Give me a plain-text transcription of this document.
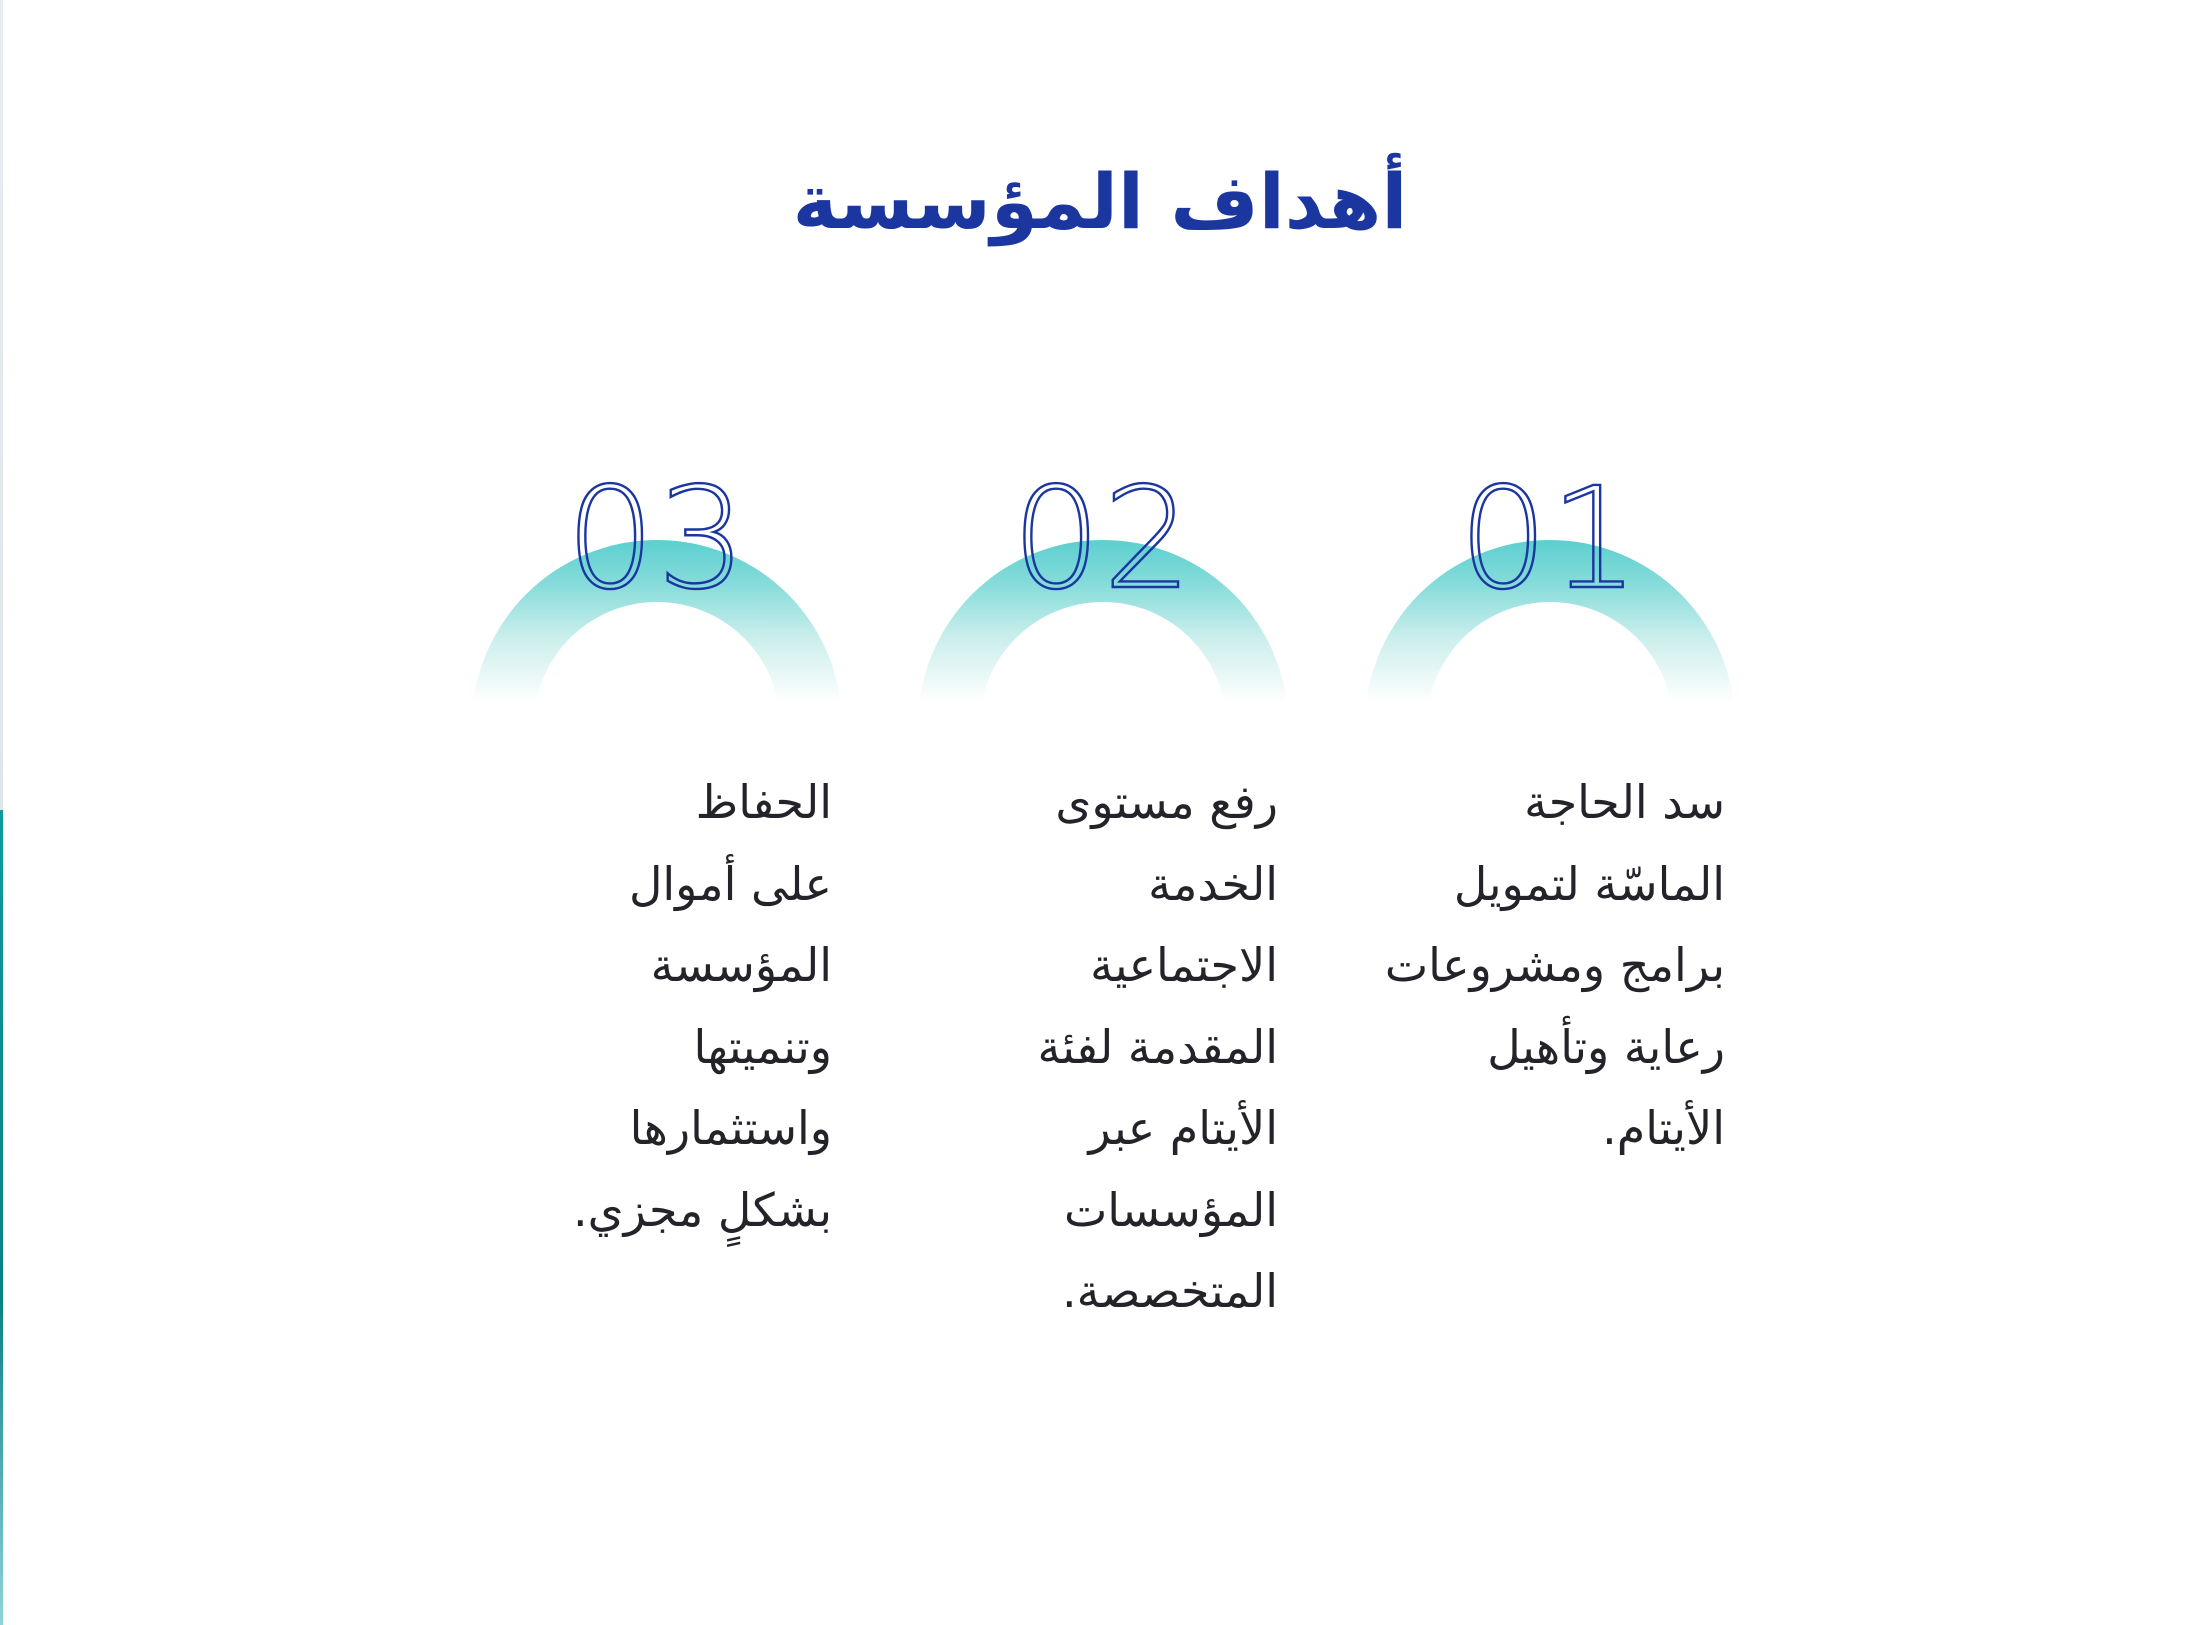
أهداف المؤسسة
01
سد الحاجة
الماسّة لتمويل
برامج ومشروعات
رعاية وتأهيل
الأيتام.
02
رفع مستوى
الخدمة
الاجتماعية
المقدمة لفئة
الأيتام عبر
المؤسسات
المتخصصة.
03
الحفاظ
على أموال
المؤسسة
وتنميتها
واستثمارها
بشكلٍ مجزي.
